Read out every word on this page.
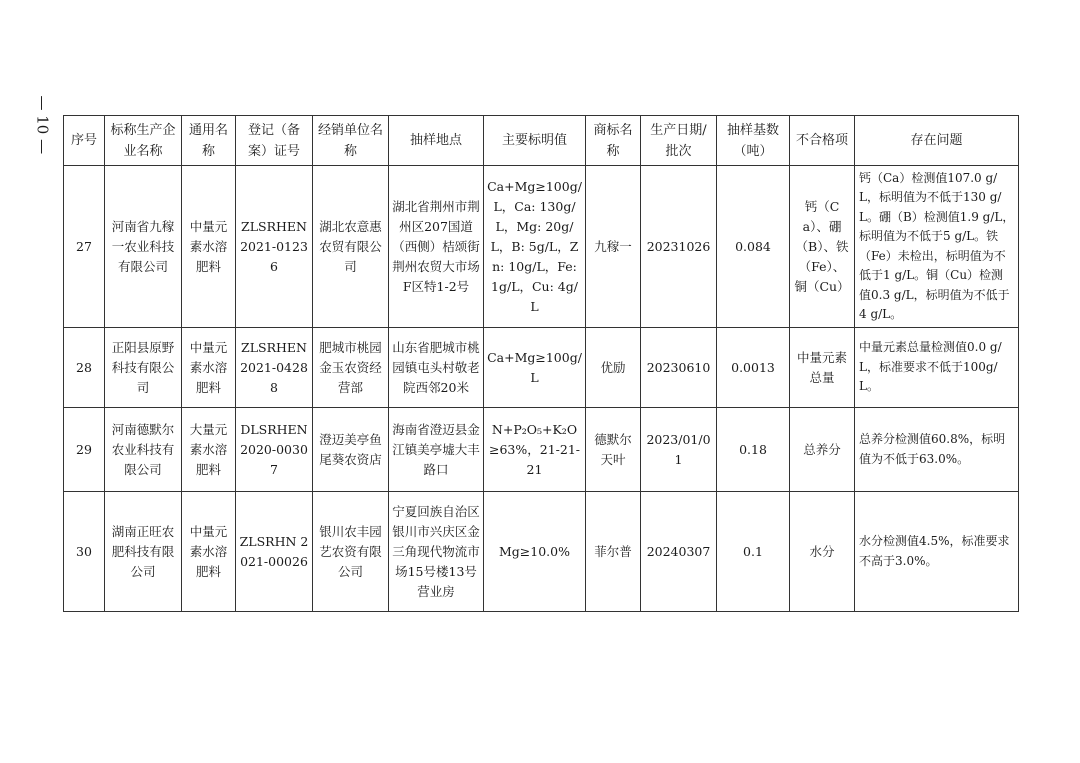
— 10 — 序号	标称生产企业名称	通用名称	登记（备案）证号	经销单位名称	抽样地点	主要标明值	商标名称	生产日期/批次	抽样基数（吨）	不合格项	存在问题
27	河南省九稼一农业科技有限公司	中量元素水溶肥料	ZLSRHEN 2021-01236	湖北农意惠农贸有限公司	湖北省荆州市荆州区207国道（西侧）桔颂街荆州农贸大市场F区特1-2号	Ca+Mg≥100g/L，Ca: 130g/L，Mg: 20g/L，B: 5g/L，Zn: 10g/L，Fe: 1g/L，Cu: 4g/L	九稼一	20231026	0.084	钙（Ca）、硼（B）、铁（Fe）、铜（Cu）	钙（Ca）检测值107.0 g/L，标明值为不低于130 g/L。硼（B）检测值1.9 g/L，标明值为不低于5 g/L。铁（Fe）未检出，标明值为不低于1 g/L。铜（Cu）检测值0.3 g/L，标明值为不低于4 g/L。
28	正阳县原野科技有限公司	中量元素水溶肥料	ZLSRHEN 2021-04288	肥城市桃园金玉农资经营部	山东省肥城市桃园镇屯头村敬老院西邻20米	Ca+Mg≥100g/L	优励	20230610	0.0013	中量元素总量	中量元素总量检测值0.0 g/L，标准要求不低于100g/L。
29	河南德默尔农业科技有限公司	大量元素水溶肥料	DLSRHEN 2020-00307	澄迈美亭鱼尾葵农资店	海南省澄迈县金江镇美亭墟大丰路口	N+P₂O₅+K₂O≥63%，21-21-21	德默尔天叶	2023/01/01	0.18	总养分	总养分检测值60.8%，标明值为不低于63.0%。
30	湖南正旺农肥科技有限公司	中量元素水溶肥料	ZLSRHN 2021-00026	银川农丰园艺农资有限公司	宁夏回族自治区银川市兴庆区金三角现代物流市场15号楼13号营业房	Mg≥10.0%	菲尔普	20240307	0.1	水分	水分检测值4.5%，标准要求不高于3.0%。
